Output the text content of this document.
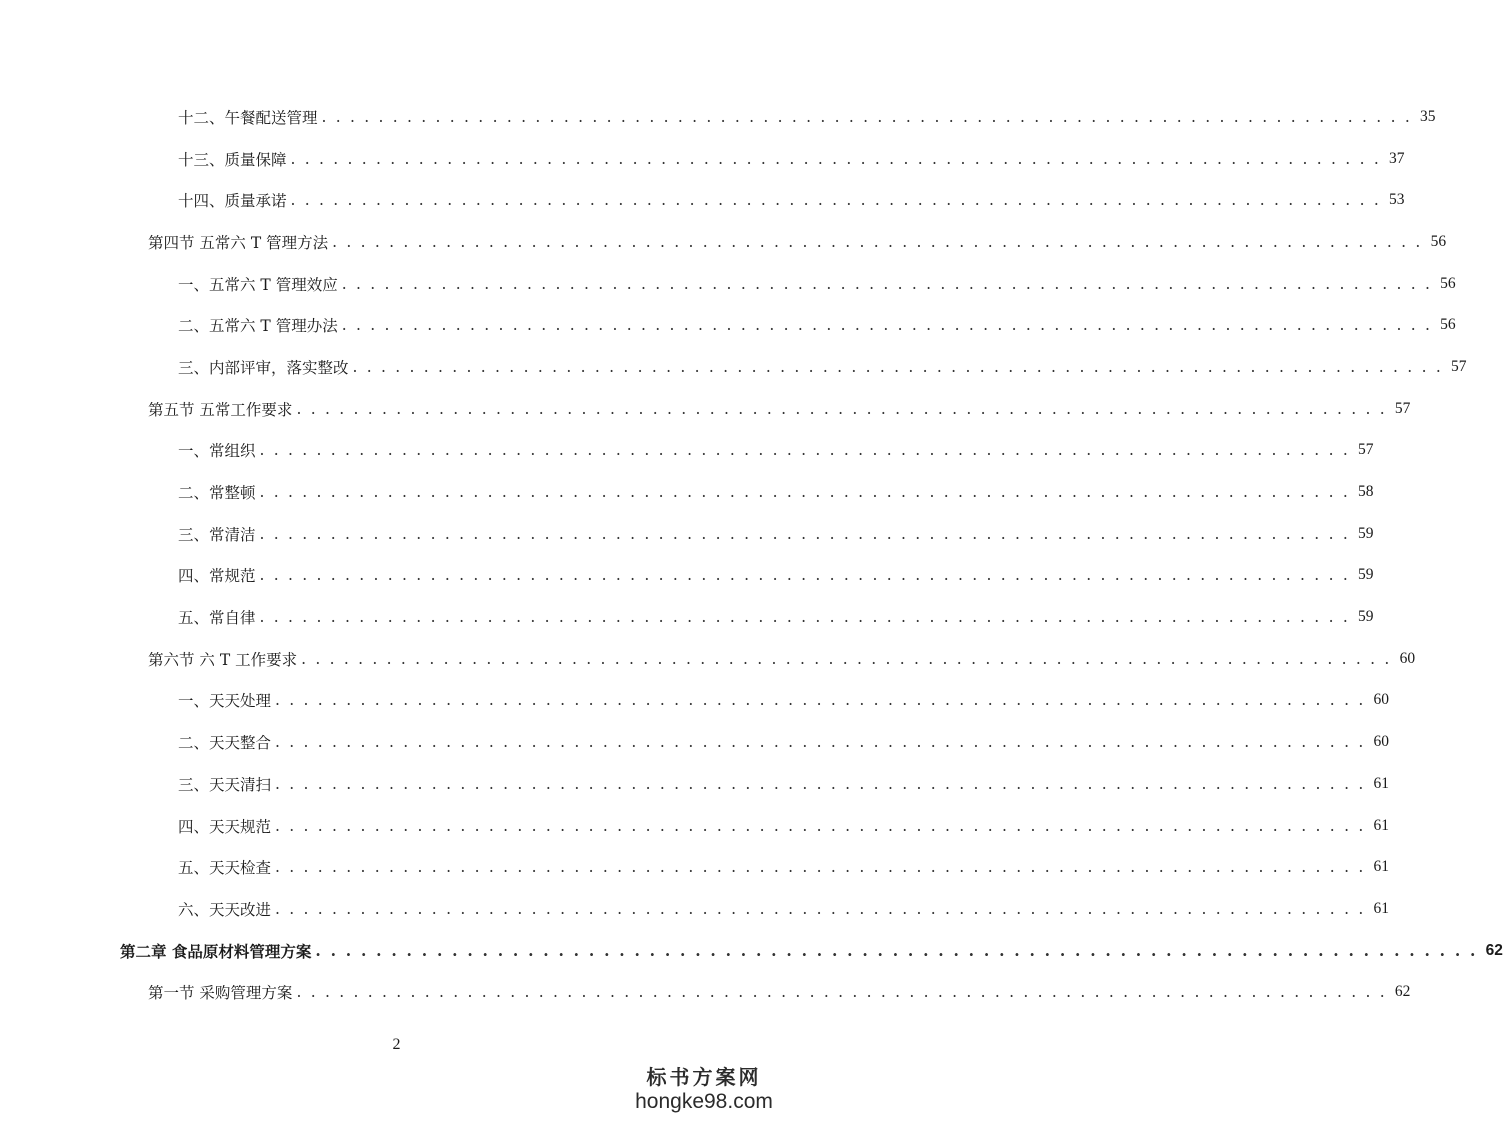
十二、午餐配送管理 . . . . . . . . . . . . . . . . . . . . . . . . . . . . . . . . . . . . . . . . . . . . . . . . . . . . . . . . . . . . . . . . . . . . . . . . . . . . . 35
十三、质量保障 . . . . . . . . . . . . . . . . . . . . . . . . . . . . . . . . . . . . . . . . . . . . . . . . . . . . . . . . . . . . . . . . . . . . . . . . . . . . . 37
十四、质量承诺 . . . . . . . . . . . . . . . . . . . . . . . . . . . . . . . . . . . . . . . . . . . . . . . . . . . . . . . . . . . . . . . . . . . . . . . . . . . . . 53
第四节 五常六 T 管理方法 . . . . . . . . . . . . . . . . . . . . . . . . . . . . . . . . . . . . . . . . . . . . . . . . . . . . . . . . . . . . . . . . . . . . . . . . . . . . . 56
一、五常六 T 管理效应 . . . . . . . . . . . . . . . . . . . . . . . . . . . . . . . . . . . . . . . . . . . . . . . . . . . . . . . . . . . . . . . . . . . . . . . . . . . . . 56
二、五常六 T 管理办法 . . . . . . . . . . . . . . . . . . . . . . . . . . . . . . . . . . . . . . . . . . . . . . . . . . . . . . . . . . . . . . . . . . . . . . . . . . . . . 56
三、内部评审，落实整改 . . . . . . . . . . . . . . . . . . . . . . . . . . . . . . . . . . . . . . . . . . . . . . . . . . . . . . . . . . . . . . . . . . . . . . . . . . . . . 57
第五节 五常工作要求 . . . . . . . . . . . . . . . . . . . . . . . . . . . . . . . . . . . . . . . . . . . . . . . . . . . . . . . . . . . . . . . . . . . . . . . . . . . . . 57
一、常组织 . . . . . . . . . . . . . . . . . . . . . . . . . . . . . . . . . . . . . . . . . . . . . . . . . . . . . . . . . . . . . . . . . . . . . . . . . . . . . 57
二、常整顿 . . . . . . . . . . . . . . . . . . . . . . . . . . . . . . . . . . . . . . . . . . . . . . . . . . . . . . . . . . . . . . . . . . . . . . . . . . . . . 58
三、常清洁 . . . . . . . . . . . . . . . . . . . . . . . . . . . . . . . . . . . . . . . . . . . . . . . . . . . . . . . . . . . . . . . . . . . . . . . . . . . . . 59
四、常规范 . . . . . . . . . . . . . . . . . . . . . . . . . . . . . . . . . . . . . . . . . . . . . . . . . . . . . . . . . . . . . . . . . . . . . . . . . . . . . 59
五、常自律 . . . . . . . . . . . . . . . . . . . . . . . . . . . . . . . . . . . . . . . . . . . . . . . . . . . . . . . . . . . . . . . . . . . . . . . . . . . . . 59
第六节 六 T 工作要求 . . . . . . . . . . . . . . . . . . . . . . . . . . . . . . . . . . . . . . . . . . . . . . . . . . . . . . . . . . . . . . . . . . . . . . . . . . . . . 60
一、天天处理 . . . . . . . . . . . . . . . . . . . . . . . . . . . . . . . . . . . . . . . . . . . . . . . . . . . . . . . . . . . . . . . . . . . . . . . . . . . . . 60
二、天天整合 . . . . . . . . . . . . . . . . . . . . . . . . . . . . . . . . . . . . . . . . . . . . . . . . . . . . . . . . . . . . . . . . . . . . . . . . . . . . . 60
三、天天清扫 . . . . . . . . . . . . . . . . . . . . . . . . . . . . . . . . . . . . . . . . . . . . . . . . . . . . . . . . . . . . . . . . . . . . . . . . . . . . . 61
四、天天规范 . . . . . . . . . . . . . . . . . . . . . . . . . . . . . . . . . . . . . . . . . . . . . . . . . . . . . . . . . . . . . . . . . . . . . . . . . . . . . 61
五、天天检查 . . . . . . . . . . . . . . . . . . . . . . . . . . . . . . . . . . . . . . . . . . . . . . . . . . . . . . . . . . . . . . . . . . . . . . . . . . . . . 61
六、天天改进 . . . . . . . . . . . . . . . . . . . . . . . . . . . . . . . . . . . . . . . . . . . . . . . . . . . . . . . . . . . . . . . . . . . . . . . . . . . . . 61
第二章 食品原材料管理方案 . . . . . . . . . . . . . . . . . . . . . . . . . . . . . . . . . . . . . . . . . . . . . . . . . . . . . . . . . . . . . . . . . . . . . . . . . . . . . 62
第一节 采购管理方案 . . . . . . . . . . . . . . . . . . . . . . . . . . . . . . . . . . . . . . . . . . . . . . . . . . . . . . . . . . . . . . . . . . . . . . . . . . . . . 62
2
标书方案网
hongke98.com
